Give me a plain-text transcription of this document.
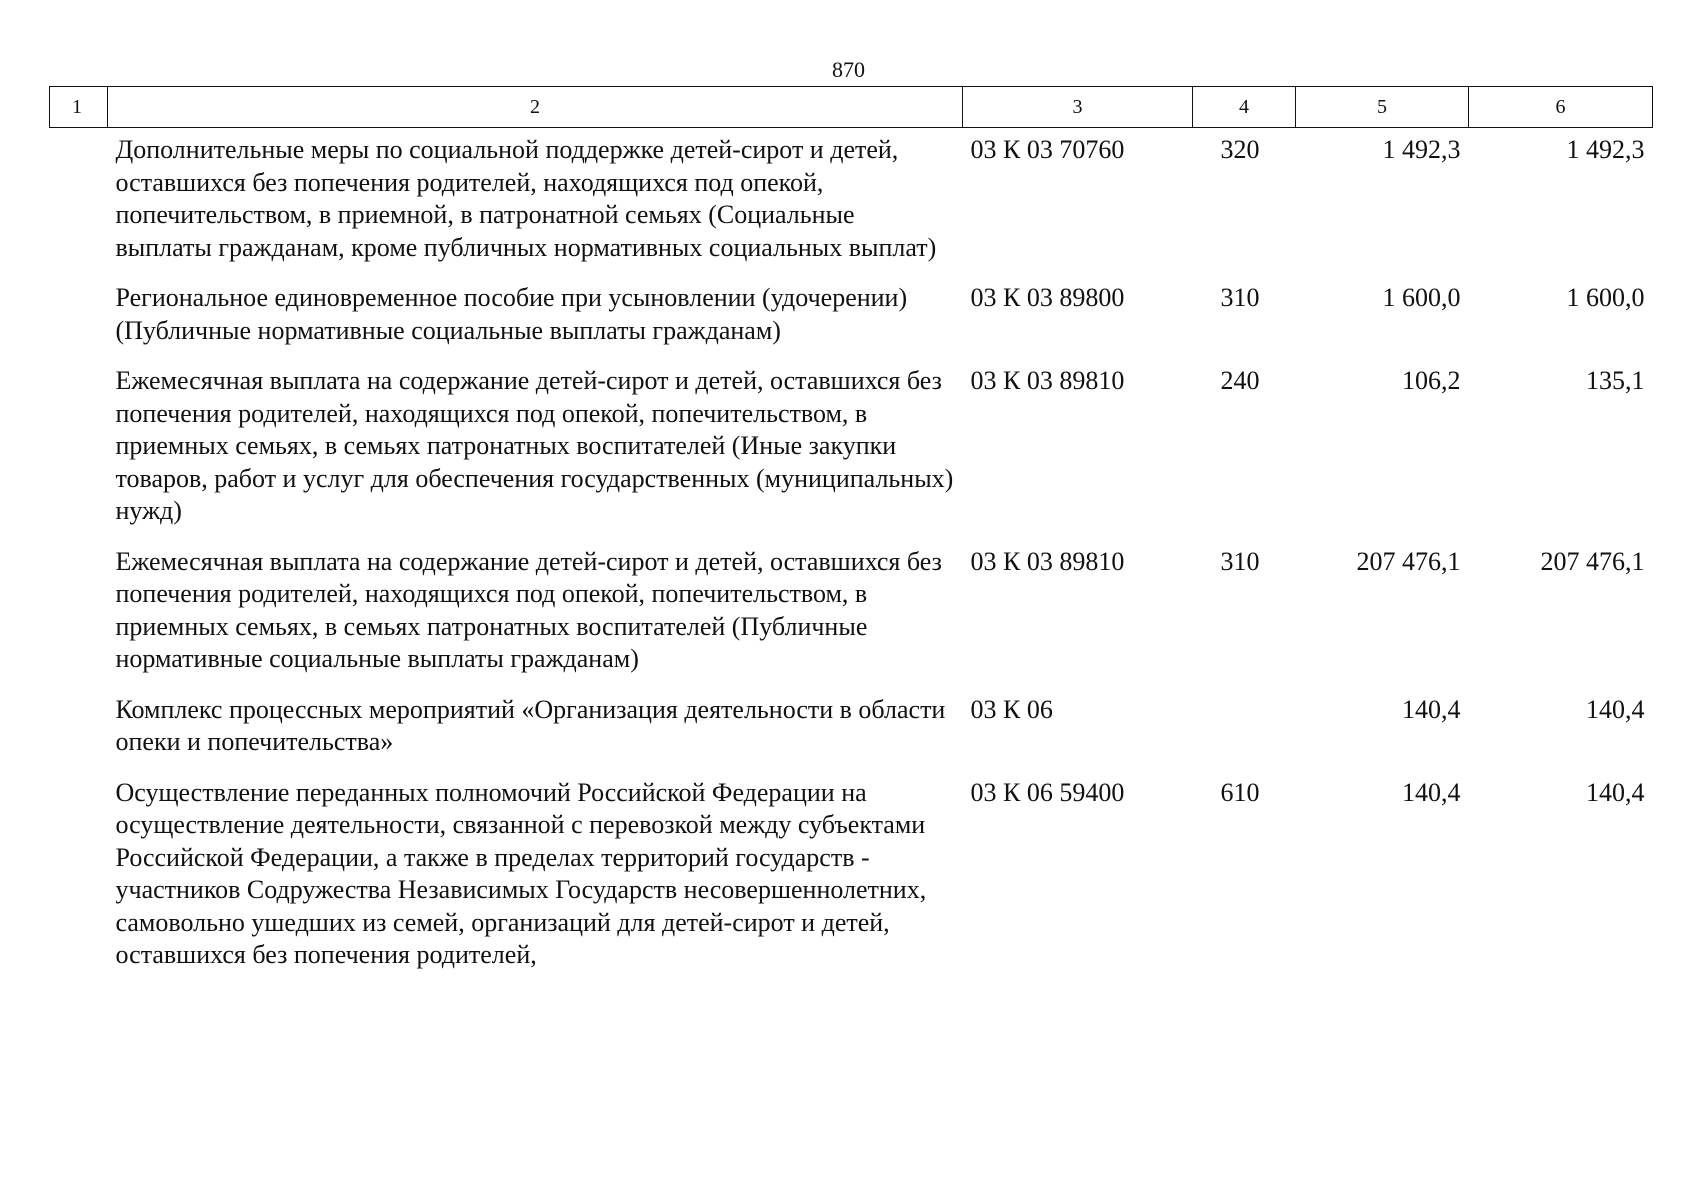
870
1	2	3	4	5	6
	Дополнительные меры по социальной поддержке детей-сирот и детей, оставшихся без попечения родителей, находящихся под опекой, попечительством, в приемной, в патронатной семьях (Социальные выплаты гражданам, кроме публичных нормативных социальных выплат)	03 К 03 70760	320	1 492,3	1 492,3
	Региональное единовременное пособие при усыновлении (удочерении) (Публичные нормативные социальные выплаты гражданам)	03 К 03 89800	310	1 600,0	1 600,0
	Ежемесячная выплата на содержание детей-сирот и детей, оставшихся без попечения родителей, находящихся под опекой, попечительством, в приемных семьях, в семьях патронатных воспитателей (Иные закупки товаров, работ и услуг для обеспечения государственных (муниципальных) нужд)	03 К 03 89810	240	106,2	135,1
	Ежемесячная выплата на содержание детей-сирот и детей, оставшихся без попечения родителей, находящихся под опекой, попечительством, в приемных семьях, в семьях патронатных воспитателей (Публичные нормативные социальные выплаты гражданам)	03 К 03 89810	310	207 476,1	207 476,1
	Комплекс процессных мероприятий «Организация деятельности в области опеки и попечительства»	03 К 06		140,4	140,4
	Осуществление переданных полномочий Российской Федерации на осуществление деятельности, связанной с перевозкой между субъектами Российской Федерации, а также в пределах территорий государств - участников Содружества Независимых Государств несовершеннолетних, самовольно ушедших из семей, организаций для детей-сирот и детей, оставшихся без попечения родителей,	03 К 06 59400	610	140,4	140,4
